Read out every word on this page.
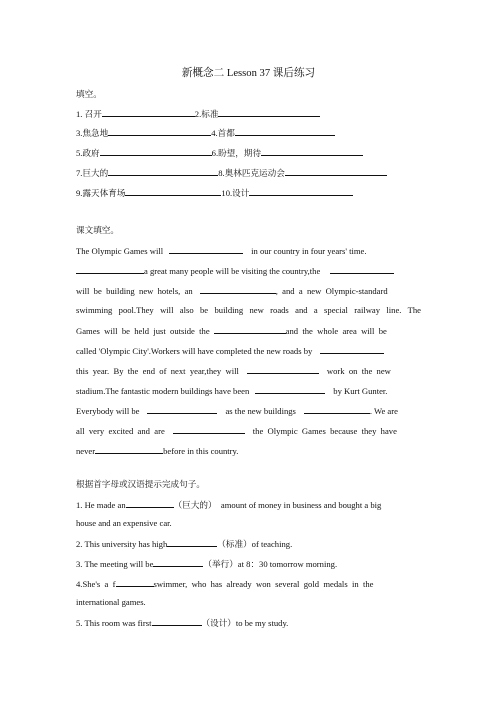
新概念二 Lesson 37 课后练习
填空。
1. 召开	2.标准
3.焦急地	4.首都
5.政府	6.盼望，期待
7.巨大的	8.奥林匹克运动会
9.露天体育场	10.设计
课文填空。
The Olympic Games will	in our country in four years' time.
a great many people will be visiting the country,the
will  be  building  new  hotels,  an	,  and  a  new  Olympic-standard
swimming pool.They will also be building new roads and a special railway line. The
Games  will  be  held  just  outside  the	and  the  whole  area  will  be
called 'Olympic City'.Workers will have completed the new roads by
this  year.  By  the  end  of  next  year,they  will	work  on  the  new
stadium.The fantastic modern buildings have been	by Kurt Gunter.
Everybody will be	as the new buildings	. We are
all  very  excited  and  are	the  Olympic  Games  because  they  have
never	before in this country.
根据首字母或汉语提示完成句子。
1. He made an	（巨大的）  amount of money in business and bought a big
house and an expensive car.
2. This university has high	（标准）of teaching.
3. The meeting will be	（举行）at 8：30 tomorrow morning.
4.She's  a  f	swimmer,  who  has  already  won  several  gold  medals  in  the
international games.
5. This room was first	（设计）to be my study.
